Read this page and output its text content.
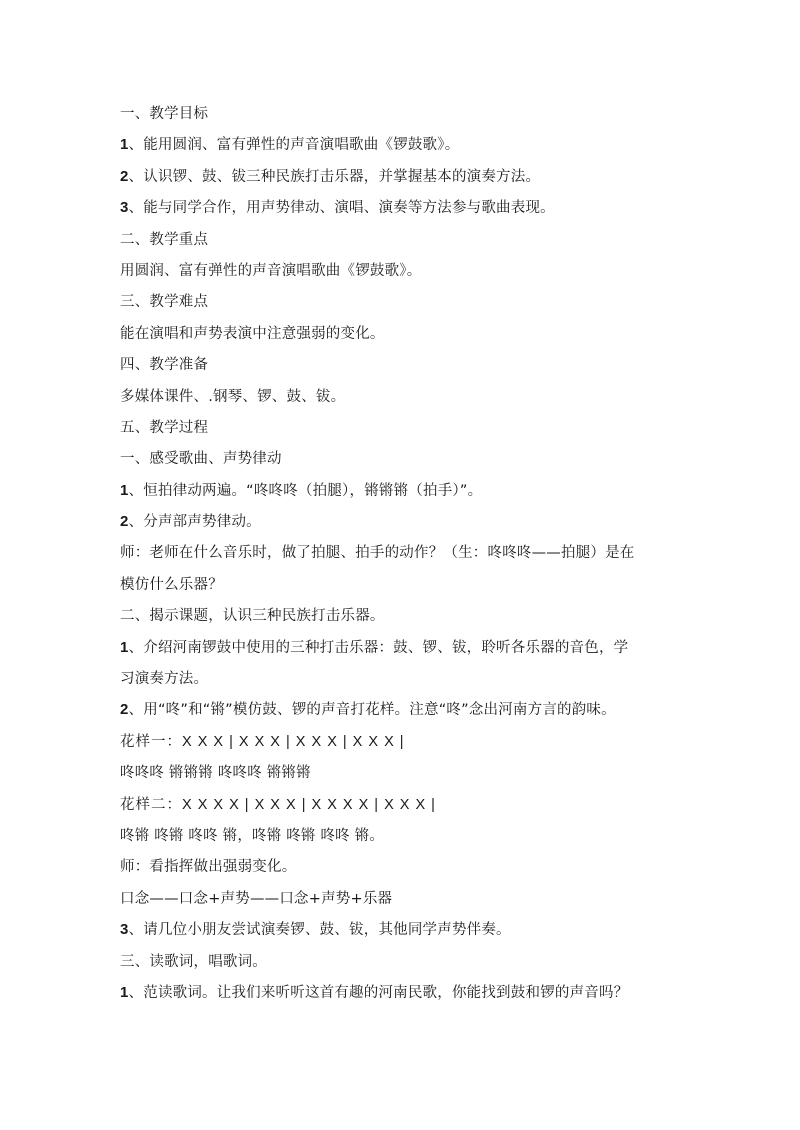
一、教学目标
1、能用圆润、富有弹性的声音演唱歌曲《锣鼓歌》。
2、认识锣、鼓、钹三种民族打击乐器，并掌握基本的演奏方法。
3、能与同学合作，用声势律动、演唱、演奏等方法参与歌曲表现。
二、教学重点
用圆润、富有弹性的声音演唱歌曲《锣鼓歌》。
三、教学难点
能在演唱和声势表演中注意强弱的变化。
四、教学准备
多媒体课件、.钢琴、锣、鼓、钹。
五、教学过程
一、感受歌曲、声势律动
1、恒拍律动两遍。“咚咚咚（拍腿），锵锵锵（拍手）”。
2、分声部声势律动。
师：老师在什么音乐时，做了拍腿、拍手的动作？（生：咚咚咚——拍腿）是在
模仿什么乐器？
二、揭示课题，认识三种民族打击乐器。
1、介绍河南锣鼓中使用的三种打击乐器：鼓、锣、钹，聆听各乐器的音色，学
习演奏方法。
2、用“咚”和“锵”模仿鼓、锣的声音打花样。注意“咚”念出河南方言的韵味。
花样一：X X X | X X X | X X X | X X X |
咚咚咚 锵锵锵 咚咚咚 锵锵锵
花样二：X X X X | X X X | X X X X | X X X |
咚锵 咚锵 咚咚 锵，咚锵 咚锵 咚咚 锵。
师：看指挥做出强弱变化。
口念——口念+声势——口念+声势+乐器
3、请几位小朋友尝试演奏锣、鼓、钹，其他同学声势伴奏。
三、读歌词，唱歌词。
1、范读歌词。让我们来听听这首有趣的河南民歌，你能找到鼓和锣的声音吗？
